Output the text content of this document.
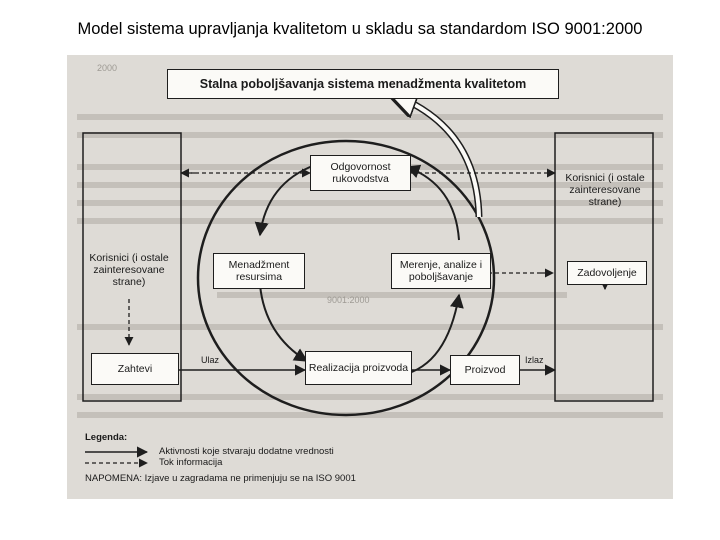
Model sistema upravljanja kvalitetom u skladu sa standardom ISO 9001:2000
2000
9001:2000
Stalna poboljšavanja sistema menadžmenta kvalitetom
Odgovornost rukovodstva
Menadžment resursima
Merenje, analize i poboljšavanje
Realizacija proizvoda	Proizvod
Korisnici (i ostale zainteresovane strane)
Korisnici (i ostale zainteresovane strane)
Zahtevi
Zadovoljenje
Ulaz	Izlaz
Legenda:
Aktivnosti koje stvaraju dodatne vrednosti
Tok informacija
NAPOMENA: Izjave u zagradama ne primenjuju se na ISO 9001
